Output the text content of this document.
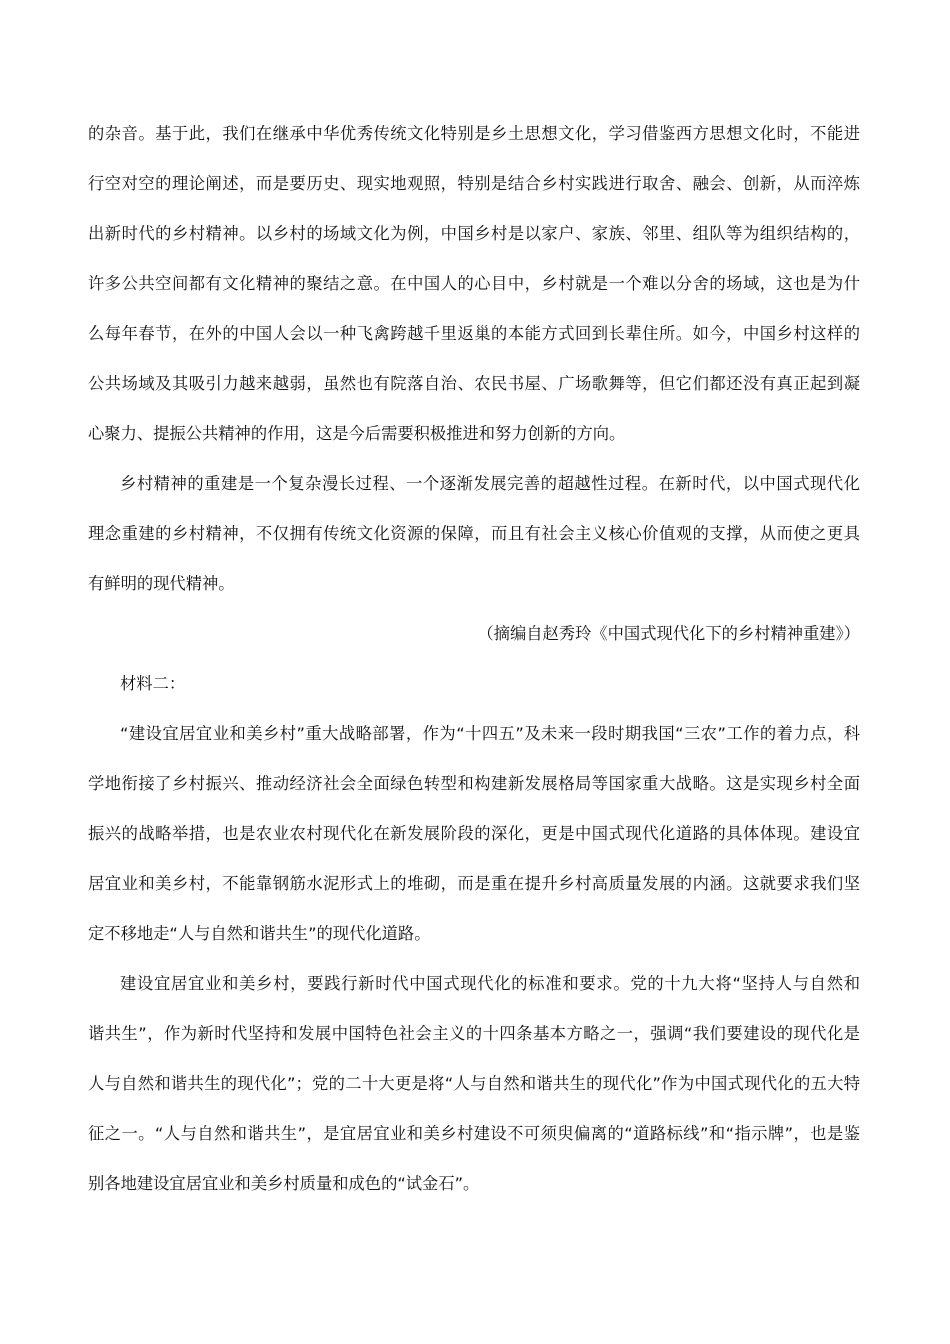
的杂音。基于此，我们在继承中华优秀传统文化特别是乡土思想文化，学习借鉴西方思想文化时，不能进
行空对空的理论阐述，而是要历史、现实地观照，特别是结合乡村实践进行取舍、融会、创新，从而淬炼
出新时代的乡村精神。以乡村的场域文化为例，中国乡村是以家户、家族、邻里、组队等为组织结构的，
许多公共空间都有文化精神的聚结之意。在中国人的心目中，乡村就是一个难以分舍的场域，这也是为什
么每年春节，在外的中国人会以一种飞禽跨越千里返巢的本能方式回到长辈住所。如今，中国乡村这样的
公共场域及其吸引力越来越弱，虽然也有院落自治、农民书屋、广场歌舞等，但它们都还没有真正起到凝
心聚力、提振公共精神的作用，这是今后需要积极推进和努力创新的方向。
乡村精神的重建是一个复杂漫长过程、一个逐渐发展完善的超越性过程。在新时代，以中国式现代化
理念重建的乡村精神，不仅拥有传统文化资源的保障，而且有社会主义核心价值观的支撑，从而使之更具
有鲜明的现代精神。
（摘编自赵秀玲《中国式现代化下的乡村精神重建》）
材料二：
“建设宜居宜业和美乡村”重大战略部署，作为“十四五”及未来一段时期我国“三农”工作的着力点，科
学地衔接了乡村振兴、推动经济社会全面绿色转型和构建新发展格局等国家重大战略。这是实现乡村全面
振兴的战略举措，也是农业农村现代化在新发展阶段的深化，更是中国式现代化道路的具体体现。建设宜
居宜业和美乡村，不能靠钢筋水泥形式上的堆砌，而是重在提升乡村高质量发展的内涵。这就要求我们坚
定不移地走“人与自然和谐共生”的现代化道路。
建设宜居宜业和美乡村，要践行新时代中国式现代化的标准和要求。党的十九大将“坚持人与自然和
谐共生”，作为新时代坚持和发展中国特色社会主义的十四条基本方略之一，强调“我们要建设的现代化是
人与自然和谐共生的现代化”；党的二十大更是将“人与自然和谐共生的现代化”作为中国式现代化的五大特
征之一。“人与自然和谐共生”，是宜居宜业和美乡村建设不可须臾偏离的“道路标线”和“指示牌”，也是鉴
别各地建设宜居宜业和美乡村质量和成色的“试金石”。
